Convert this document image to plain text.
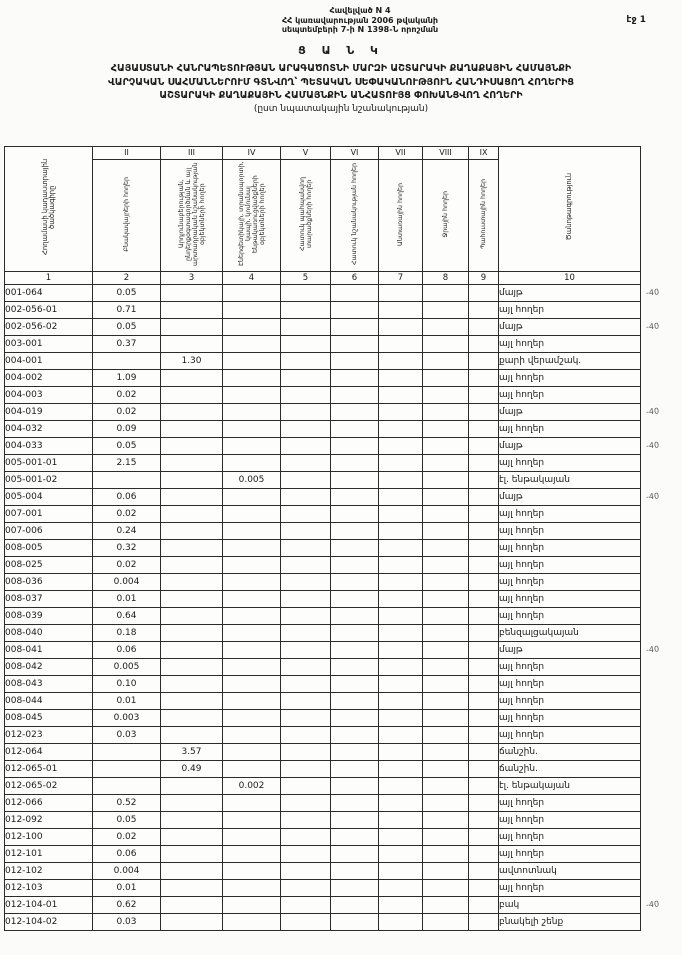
Հավելված N 4
ՀՀ կառավարության 2006 թվականի
սեպտեմբերի 7-ի N 1398-Ն որոշման
էջ 1
Ց Ա Ն Կ
ՀԱՅԱՍՏԱՆԻ ՀԱՆՐԱՊԵՏՈՒԹՅԱՆ ԱՐԱԳԱԾՈՏՆԻ ՄԱՐԶԻ ԱՇՏԱՐԱԿԻ ՔԱՂԱՔԱՅԻՆ ՀԱՄԱՅՆՔԻ
ՎԱՐՉԱԿԱՆ ՍԱՀՄԱՆՆԵՐՈՒՄ ԳՏՆՎՈՂ՝ ՊԵՏԱԿԱՆ ՍԵՓԱԿԱՆՈՒԹՅՈՒՆ ՀԱՆԴԻՍԱՑՈՂ ՀՈՂԵՐԻՑ
ԱՇՏԱՐԱԿԻ ՔԱՂԱՔԱՅԻՆ ՀԱՄԱՅՆՔԻՆ ԱՆՀԱՏՈՒՅՑ ՓՈԽԱՆՑՎՈՂ ՀՈՂԵՐԻ
(ըստ նպատակային նշանակության)
Հողամասի կադաստրային ծածկագիրը	II	III	IV	V	VI	VII	VIII	IX	Ծանոթագրություն
	Բնակավայրերի հողեր	Արդյունաբերության, ընդերքօգտագործման և այլ արտադրական նշանակության օբյեկտների հողեր	Էներգետիկայի, տրանսպորտի, կապի, կոմունալ ենթակառուցվածքների օբյեկտների հողեր	Հատուկ պահպանվող տարածքների հողեր	Հատուկ նշանակության հողեր	Անտառային հողեր	Ջրային հողեր	Պահուստային հողեր	
1	2	3	4	5	6	7	8	9	10
001-064	0.05								մայթ
002-056-01	0.71								այլ հողեր
002-056-02	0.05								մայթ
003-001	0.37								այլ հողեր
004-001		1.30							քարի վերամշակ.
004-002	1.09								այլ հողեր
004-003	0.02								այլ հողեր
004-019	0.02								մայթ
004-032	0.09								այլ հողեր
004-033	0.05								մայթ
005-001-01	2.15								այլ հողեր
005-001-02			0.005						էլ. ենթակայան
005-004	0.06								մայթ
007-001	0.02								այլ հողեր
007-006	0.24								այլ հողեր
008-005	0.32								այլ հողեր
008-025	0.02								այլ հողեր
008-036	0.004								այլ հողեր
008-037	0.01								այլ հողեր
008-039	0.64								այլ հողեր
008-040	0.18								բենզալցակայան
008-041	0.06								մայթ
008-042	0.005								այլ հողեր
008-043	0.10								այլ հողեր
008-044	0.01								այլ հողեր
008-045	0.003								այլ հողեր
012-023	0.03								այլ հողեր
012-064		3.57							ճանշին.
012-065-01		0.49							ճանշին.
012-065-02			0.002						էլ. ենթակայան
012-066	0.52								այլ հողեր
012-092	0.05								այլ հողեր
012-100	0.02								այլ հողեր
012-101	0.06								այլ հողեր
012-102	0.004								ավտոտնակ
012-103	0.01								այլ հողեր
012-104-01	0.62								բակ
012-104-02	0.03								բնակելի շենք
-40
-40
-40
-40
-40
-40
-40
